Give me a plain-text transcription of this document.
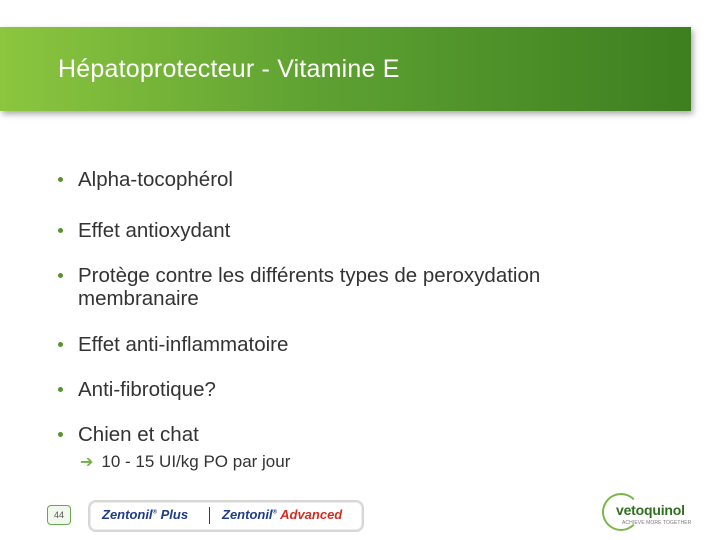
Hépatoprotecteur - Vitamine E
Alpha-tocophérol
Effet antioxydant
Protège contre les différents types de peroxydation membranaire
Effet anti-inflammatoire
Anti-fibrotique?
Chien et chat
➔ 10 - 15 UI/kg PO par jour
44	Zentonil® Plus	Zentonil® Advanced	vetoquinol
ACHIEVE MORE TOGETHER
